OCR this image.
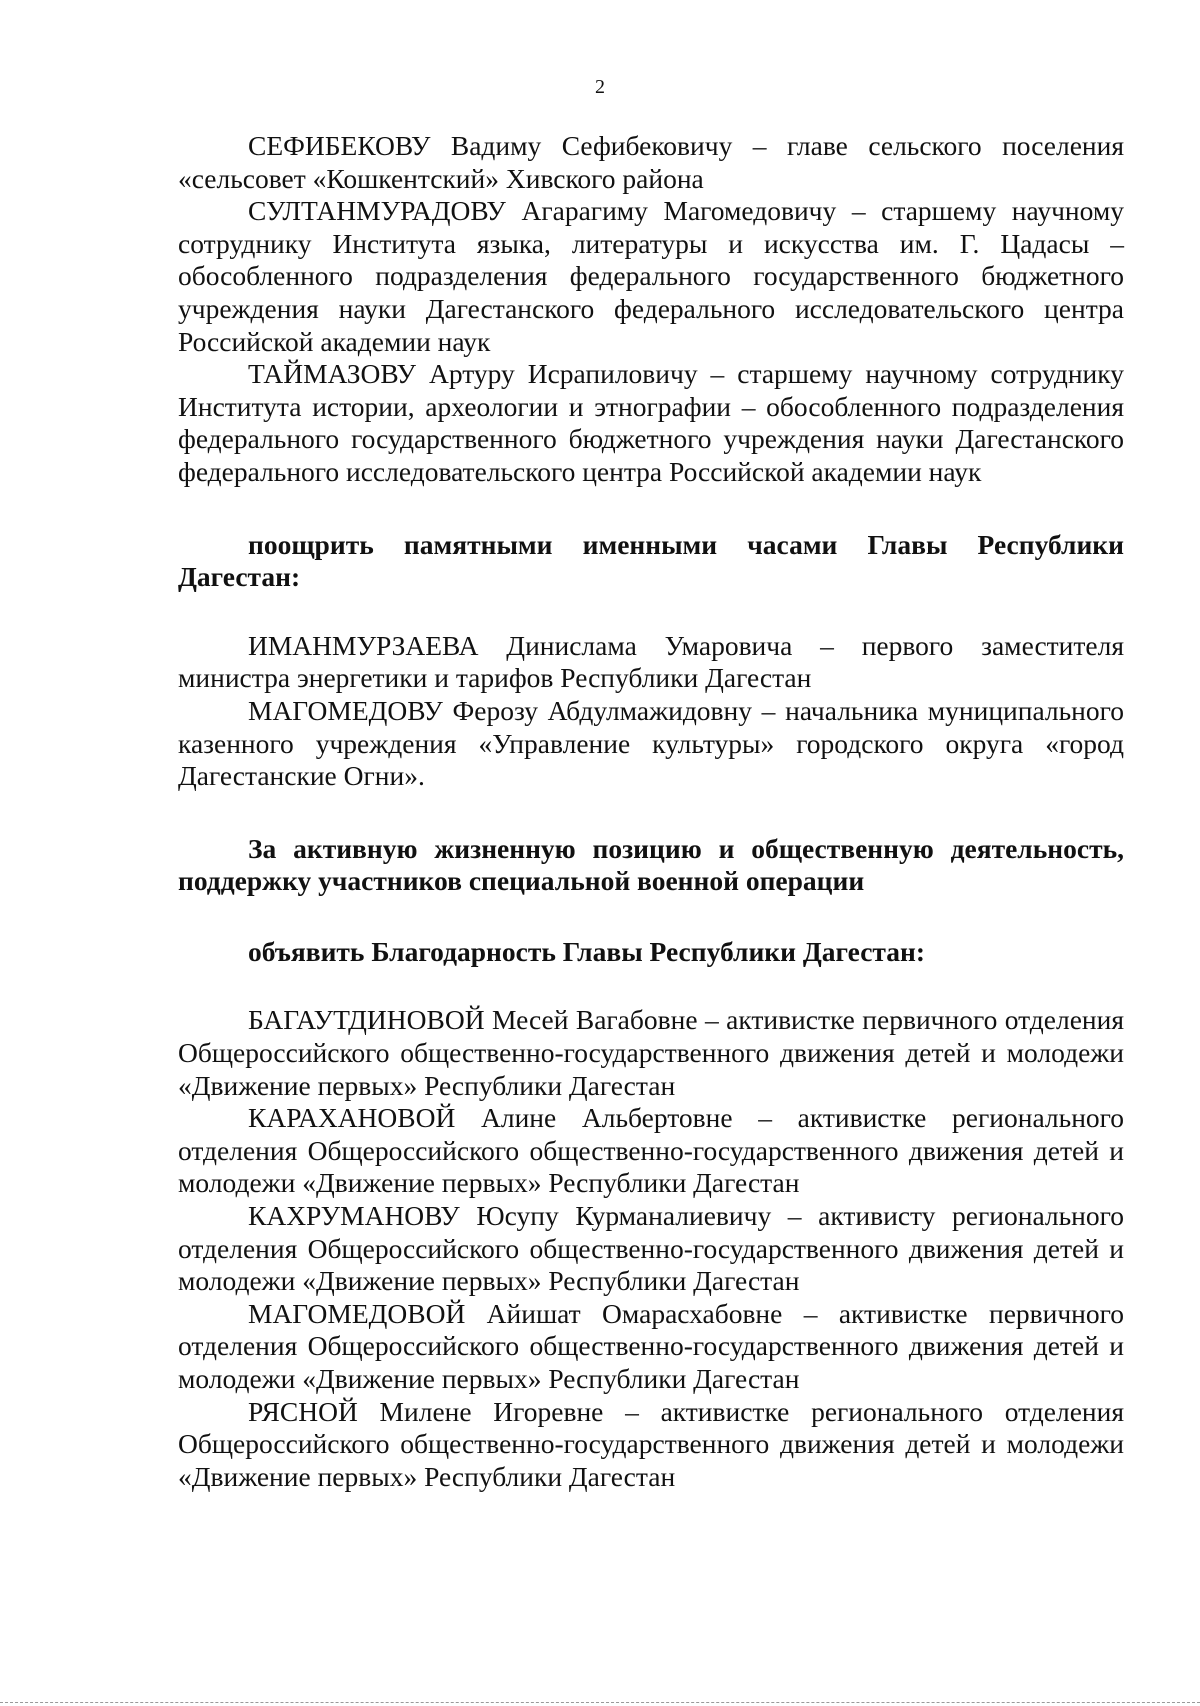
2

СЕФИБЕКОВУ Вадиму Сефибековичу – главе сельского поселения «сельсовет «Кошкентский» Хивского района

СУЛТАНМУРАДОВУ Агарагиму Магомедовичу – старшему научному сотруднику Института языка, литературы и искусства им. Г. Цадасы – обособленного подразделения федерального государственного бюджетного учреждения науки Дагестанского федерального исследовательского центра Российской академии наук

ТАЙМАЗОВУ Артуру Исрапиловичу – старшему научному сотруднику Института истории, археологии и этнографии – обособленного подразделения федерального государственного бюджетного учреждения науки Дагестанского федерального исследовательского центра Российской академии наук

поощрить памятными именными часами Главы Республики Дагестан:

ИМАНМУРЗАЕВА Динислама Умаровича – первого заместителя министра энергетики и тарифов Республики Дагестан

МАГОМЕДОВУ Ферозу Абдулмажидовну – начальника муниципального казенного учреждения «Управление культуры» городского округа «город Дагестанские Огни».

За активную жизненную позицию и общественную деятельность, поддержку участников специальной военной операции

объявить Благодарность Главы Республики Дагестан:

БАГАУТДИНОВОЙ Месей Вагабовне – активистке первичного отделения Общероссийского общественно-государственного движения детей и молодежи «Движение первых» Республики Дагестан

КАРАХАНОВОЙ Алине Альбертовне – активистке регионального отделения Общероссийского общественно-государственного движения детей и молодежи «Движение первых» Республики Дагестан

КАХРУМАНОВУ Юсупу Курманалиевичу – активисту регионального отделения Общероссийского общественно-государственного движения детей и молодежи «Движение первых» Республики Дагестан

МАГОМЕДОВОЙ Айишат Омарасхабовне – активистке первичного отделения Общероссийского общественно-государственного движения детей и молодежи «Движение первых» Республики Дагестан

РЯСНОЙ Милене Игоревне – активистке регионального отделения Общероссийского общественно-государственного движения детей и молодежи «Движение первых» Республики Дагестан
